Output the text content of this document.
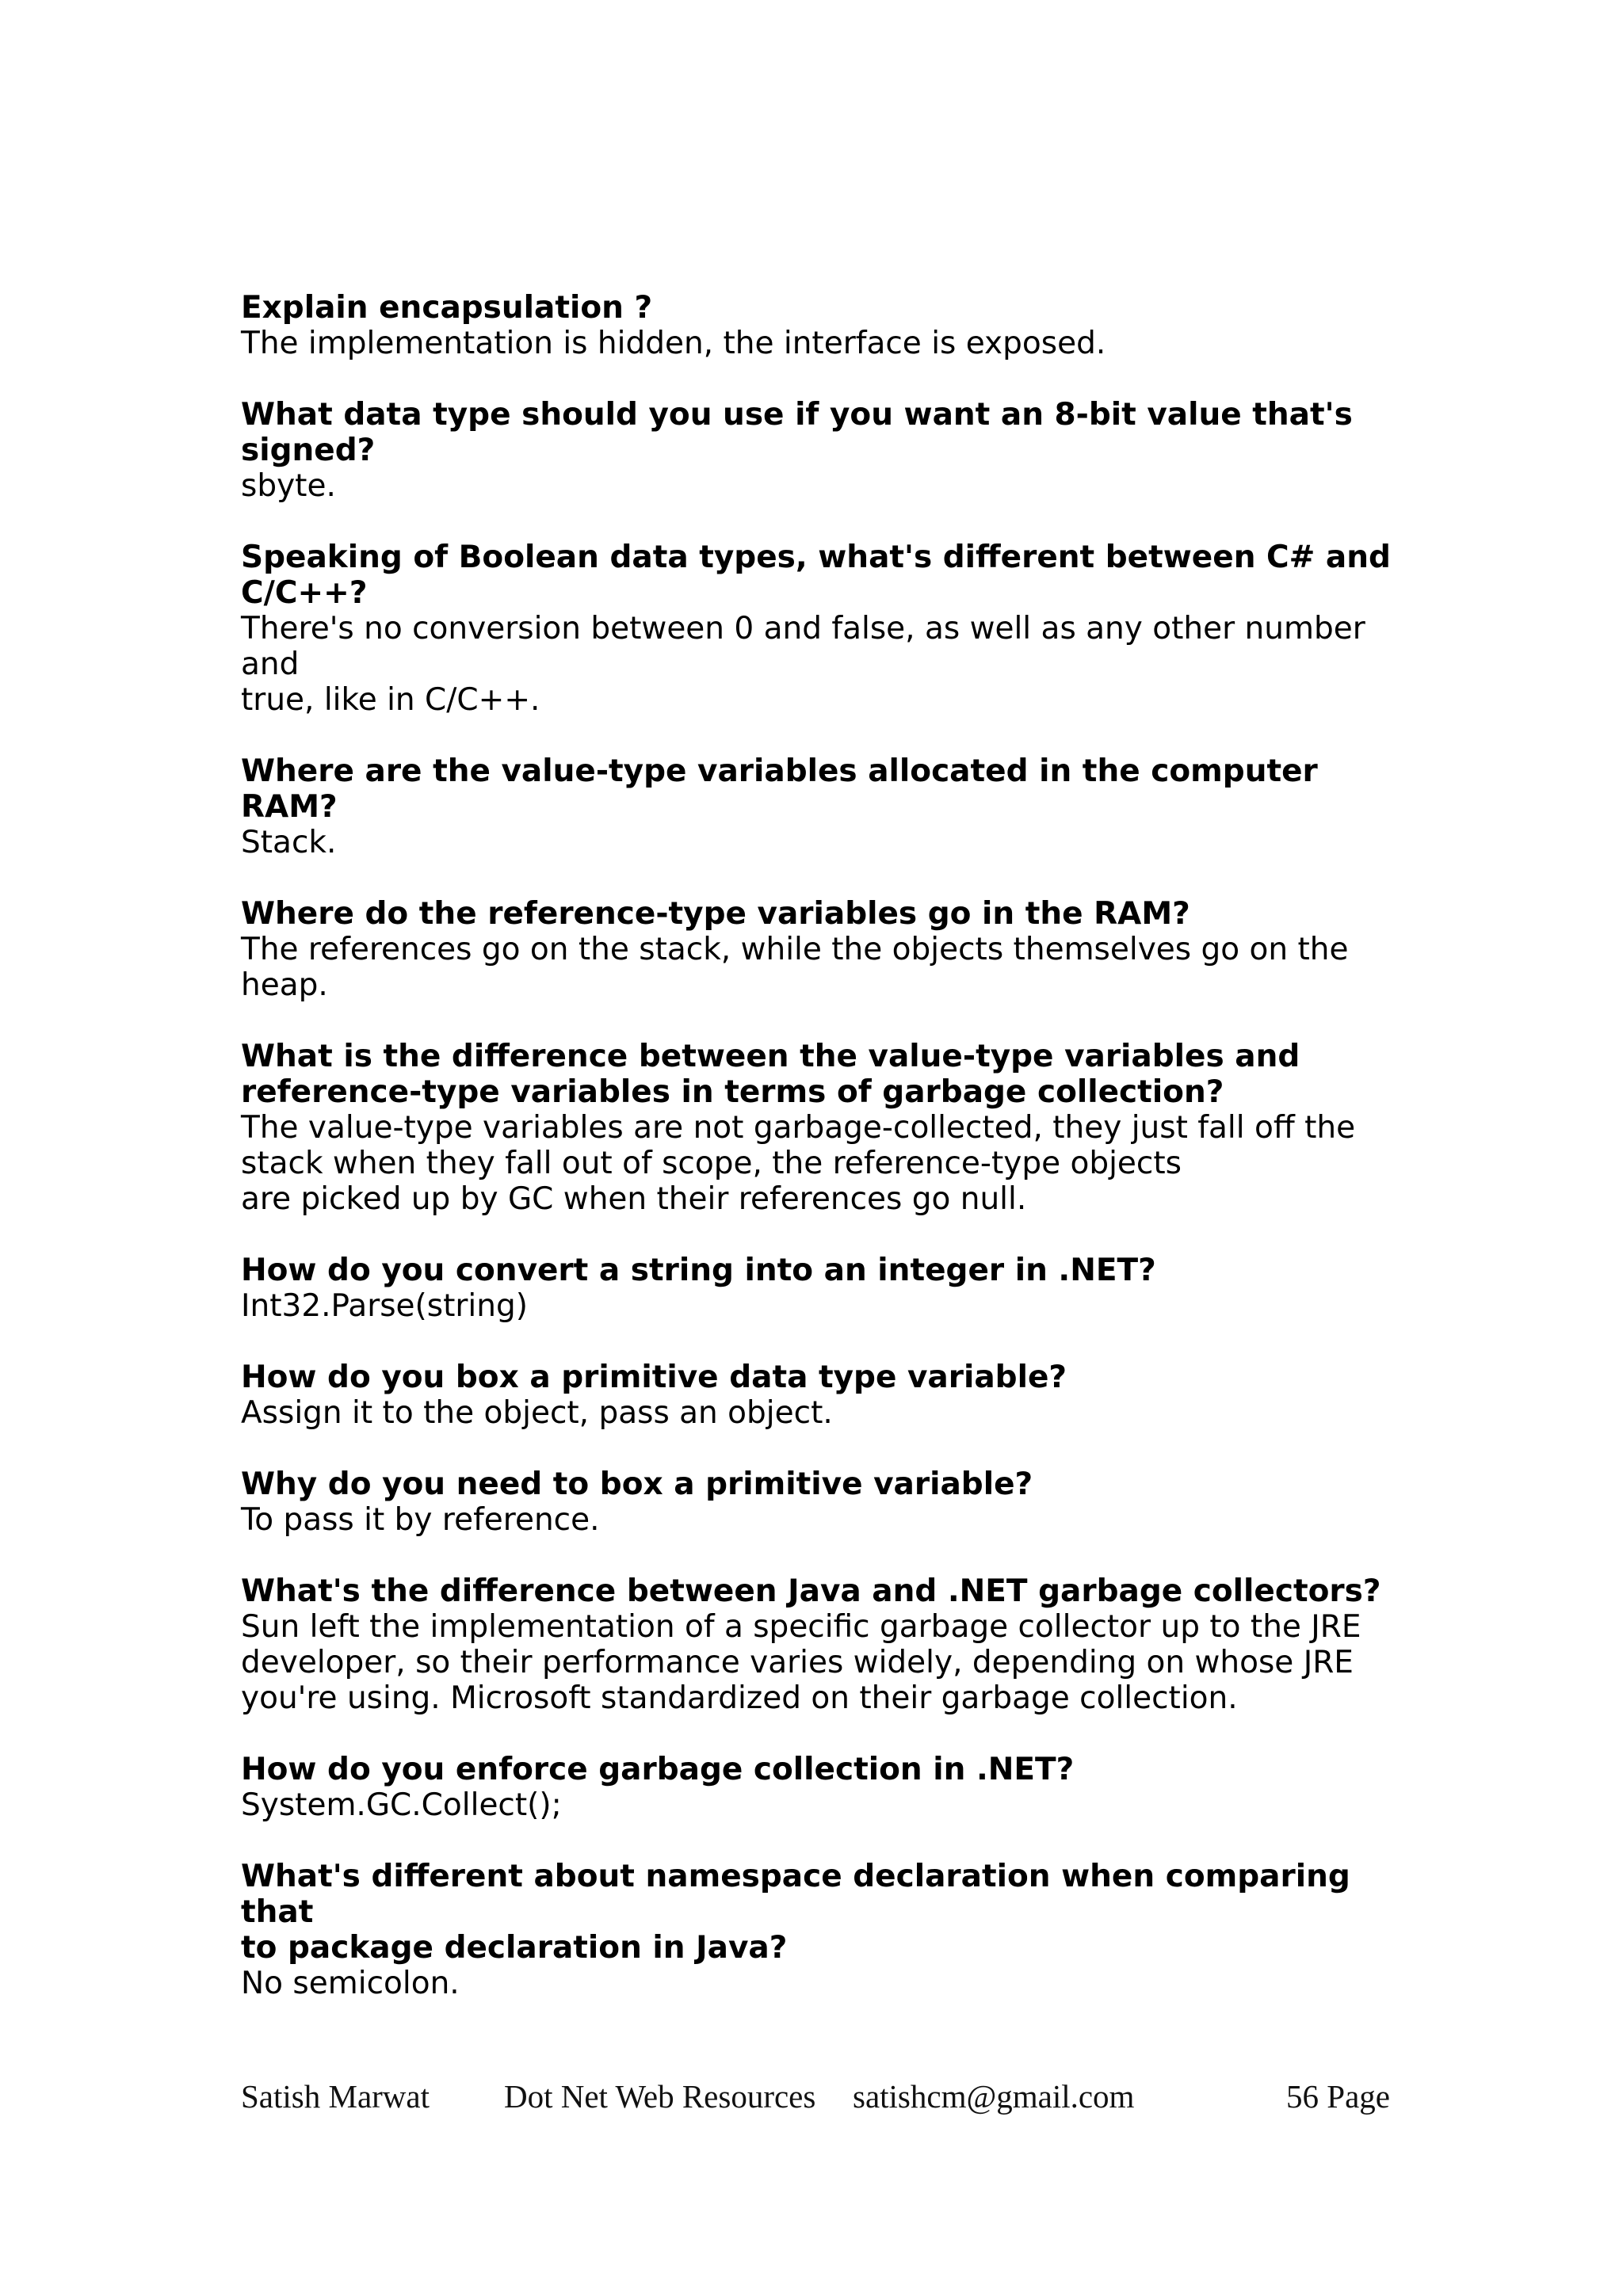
Explain encapsulation ?

The implementation is hidden, the interface is exposed.

What data type should you use if you want an 8-bit value that's
signed?

sbyte.

Speaking of Boolean data types, what's different between C# and
C/C++?

There's no conversion between 0 and false, as well as any other number and
true, like in C/C++.

Where are the value-type variables allocated in the computer RAM?

Stack.

Where do the reference-type variables go in the RAM?

The references go on the stack, while the objects themselves go on the heap.

What is the difference between the value-type variables and
reference-type variables in terms of garbage collection?

The value-type variables are not garbage-collected, they just fall off the
stack when they fall out of scope, the reference-type objects
are picked up by GC when their references go null.

How do you convert a string into an integer in .NET?

Int32.Parse(string)

How do you box a primitive data type variable?

Assign it to the object, pass an object.

Why do you need to box a primitive variable?

To pass it by reference.

What's the difference between Java and .NET garbage collectors?

Sun left the implementation of a specific garbage collector up to the JRE
developer, so their performance varies widely, depending on whose JRE
you're using. Microsoft standardized on their garbage collection.

How do you enforce garbage collection in .NET?

System.GC.Collect();

What's different about namespace declaration when comparing that
to package declaration in Java?

No semicolon.

Satish Marwat Dot Net Web Resources satishcm@gmail.com	56 Page
